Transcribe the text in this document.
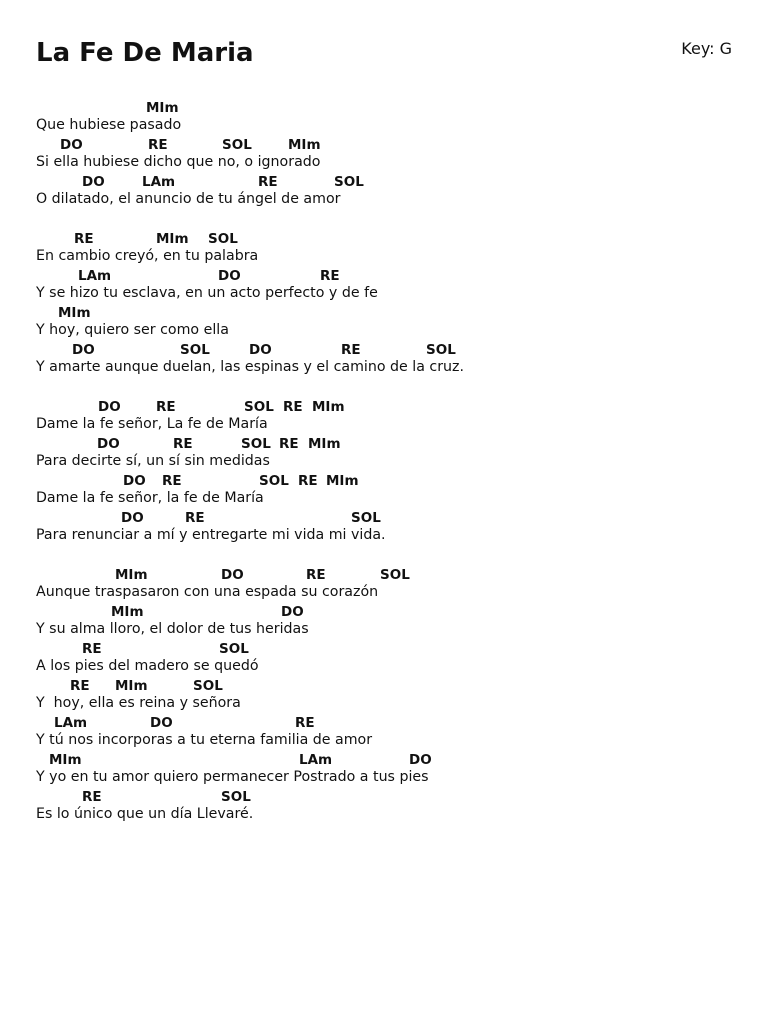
La Fe De Maria	Key: G
MIm
Que hubiese pasado
DO	RE	SOL	MIm
Si ella hubiese dicho que no, o ignorado
DO	LAm	RE	SOL
O dilatado, el anuncio de tu ángel de amor
RE	MIm SOL
En cambio creyó, en tu palabra
LAm	DO	RE
Y se hizo tu esclava, en un acto perfecto y de fe
MIm
Y hoy, quiero ser como ella
DO	SOL	DO	RE	SOL
Y amarte aunque duelan, las espinas y el camino de la cruz.
DO	RE	SOL RE MIm
Dame la fe señor, La fe de María
DO	RE	SOL RE MIm
Para decirte sí, un sí sin medidas
DO RE	SOL RE MIm
Dame la fe señor, la fe de María
DO	RE	SOL
Para renunciar a mí y entregarte mi vida mi vida.
MIm	DO	RE	SOL
Aunque traspasaron con una espada su corazón
MIm	DO
Y su alma lloro, el dolor de tus heridas
RE	SOL
A los pies del madero se quedó
RE MIm	SOL
Y  hoy, ella es reina y señora
LAm	DO	RE
Y tú nos incorporas a tu eterna familia de amor
MIm	LAm	DO
Y yo en tu amor quiero permanecer Postrado a tus pies
RE	SOL
Es lo único que un día Llevaré.
